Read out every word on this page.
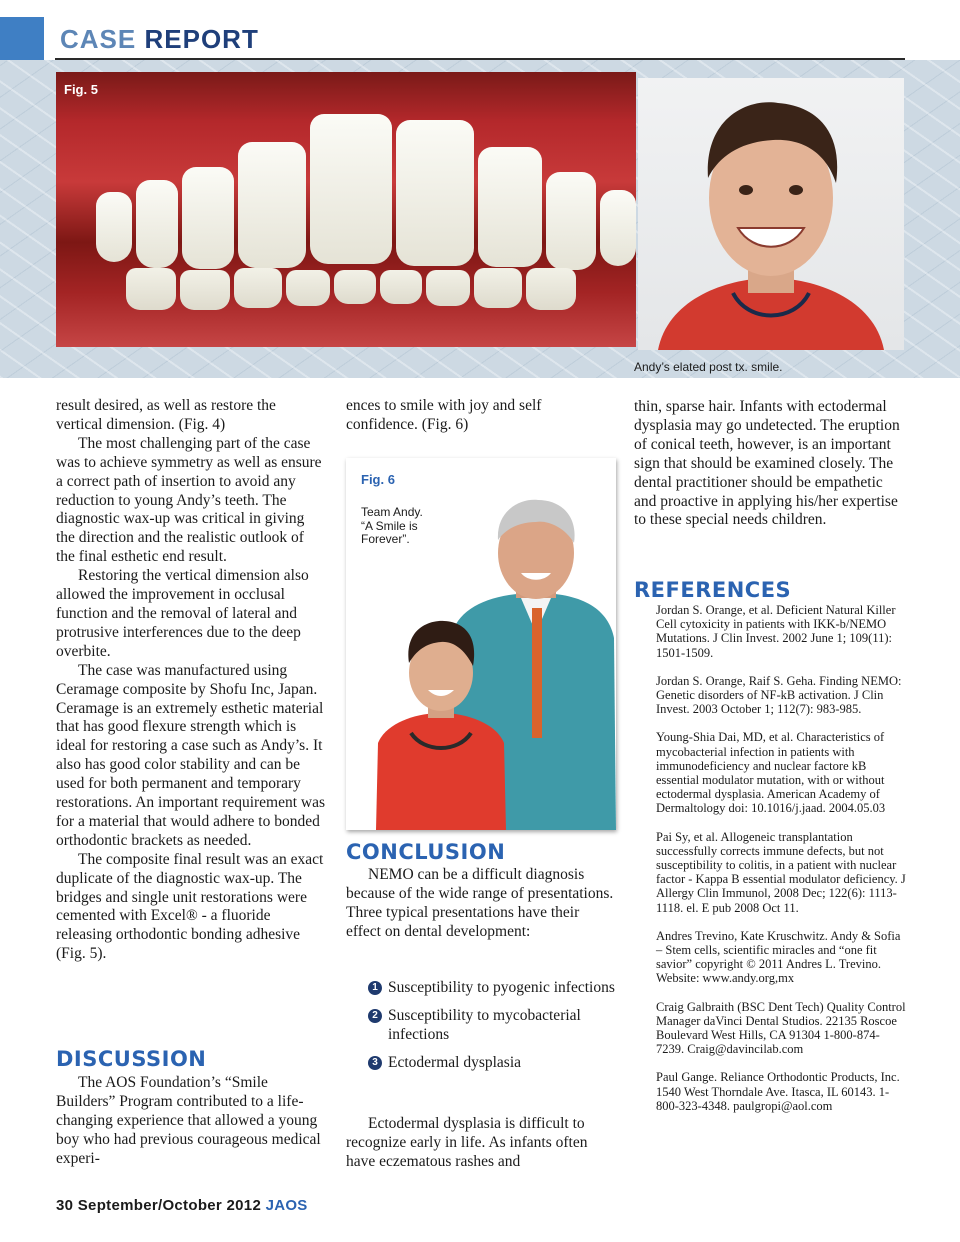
CASE REPORT
Fig. 5
Andy’s elated post tx. smile.

result desired, as well as restore the vertical dimension. (Fig. 4)

The most challenging part of the case was to achieve symmetry as well as ensure a correct path of insertion to avoid any reduction to young Andy’s teeth. The diagnostic wax-up was critical in giving the direction and the realistic outlook of the final esthetic end result.

Restoring the vertical dimension also allowed the improvement in occlusal function and the removal of lateral and protrusive interferences due to the deep overbite.

The case was manufactured using Ceramage composite by Shofu Inc, Japan. Ceramage is an extremely esthetic material that has good flexure strength which is ideal for restoring a case such as Andy’s. It also has good color stability and can be used for both permanent and temporary restorations. An important requirement was for a material that would adhere to bonded orthodontic brackets as needed.

The composite final result was an exact duplicate of the diagnostic wax-up. The bridges and single unit restorations were cemented with Excel® - a fluoride releasing orthodontic bonding adhesive (Fig. 5).

DISCUSSION

The AOS Foundation’s “Smile Builders” Program contributed to a life-changing experience that allowed a young boy who had previous courageous medical experi-

ences to smile with joy and self confidence. (Fig. 6)

Fig. 6
Team Andy.
“A Smile is
Forever”.
CONCLUSION

NEMO can be a difficult diagnosis because of the wide range of presentations. Three typical presentations have their effect on dental development:

1 Susceptibility to pyogenic infections
2 Susceptibility to mycobacterial infections
3 Ectodermal dysplasia

Ectodermal dysplasia is difficult to recognize early in life. As infants often have eczematous rashes and

thin, sparse hair. Infants with ectodermal dysplasia may go undetected. The eruption of conical teeth, however, is an important sign that should be examined closely. The dental practitioner should be empathetic and proactive in applying his/her expertise to these special needs children.

REFERENCES

Jordan S. Orange, et al. Deficient Natural Killer Cell cytoxicity in patients with IKK-b/NEMO Mutations. J Clin Invest. 2002 June 1; 109(11): 1501-1509.

Jordan S. Orange, Raif S. Geha. Finding NEMO: Genetic disorders of NF-kB activation. J Clin Invest. 2003 October 1; 112(7): 983-985.

Young-Shia Dai, MD, et al. Characteristics of mycobacterial infection in patients with immunodeficiency and nuclear factore kB essential modulator mutation, with or without ectodermal dysplasia. American Academy of Dermaltology doi: 10.1016/j.jaad. 2004.05.03

Pai Sy, et al. Allogeneic transplantation successfully corrects immune defects, but not susceptibility to colitis, in a patient with nuclear factor - Kappa B essential modulator deficiency. J Allergy Clin Immunol, 2008 Dec; 122(6): 1113-1118. el. E pub 2008 Oct 11.

Andres Trevino, Kate Kruschwitz. Andy & Sofia – Stem cells, scientific miracles and “one fit savior” copyright © 2011 Andres L. Trevino. Website: www.andy.org,mx

Craig Galbraith (BSC Dent Tech) Quality Control Manager daVinci Dental Studios. 22135 Roscoe Boulevard West Hills, CA 91304 1-800-874-7239. Craig@davincilab.com

Paul Gange. Reliance Orthodontic Products, Inc. 1540 West Thorndale Ave. Itasca, IL 60143. 1-800-323-4348. paulgropi@aol.com

30 September/October 2012 JAOS
